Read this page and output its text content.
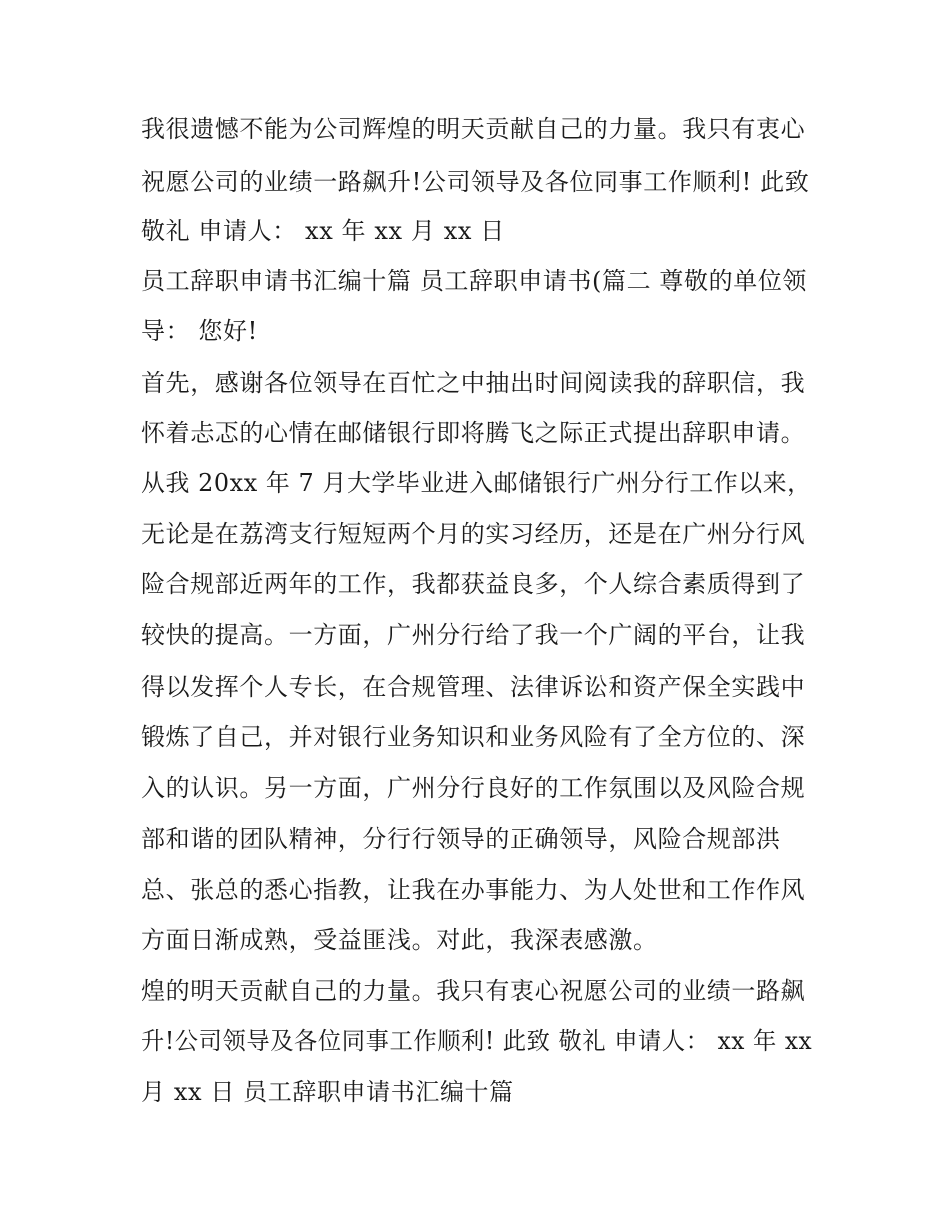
我很遗憾不能为公司辉煌的明天贡献自己的力量。我只有衷心

祝愿公司的业绩一路飙升!公司领导及各位同事工作顺利! 此致

敬礼 申请人： xx 年 xx 月 xx 日

员工辞职申请书汇编十篇 员工辞职申请书(篇二 尊敬的单位领

导： 您好!

首先，感谢各位领导在百忙之中抽出时间阅读我的辞职信，我

怀着忐忑的心情在邮储银行即将腾飞之际正式提出辞职申请。

从我 20xx 年 7 月大学毕业进入邮储银行广州分行工作以来，

无论是在荔湾支行短短两个月的实习经历，还是在广州分行风

险合规部近两年的工作，我都获益良多，个人综合素质得到了

较快的提高。一方面，广州分行给了我一个广阔的平台，让我

得以发挥个人专长，在合规管理、法律诉讼和资产保全实践中

锻炼了自己，并对银行业务知识和业务风险有了全方位的、深

入的认识。另一方面，广州分行良好的工作氛围以及风险合规

部和谐的团队精神，分行行领导的正确领导，风险合规部洪

总、张总的悉心指教，让我在办事能力、为人处世和工作作风

方面日渐成熟，受益匪浅。对此，我深表感激。

煌的明天贡献自己的力量。我只有衷心祝愿公司的业绩一路飙

升!公司领导及各位同事工作顺利! 此致 敬礼 申请人： xx 年 xx

月 xx 日 员工辞职申请书汇编十篇
